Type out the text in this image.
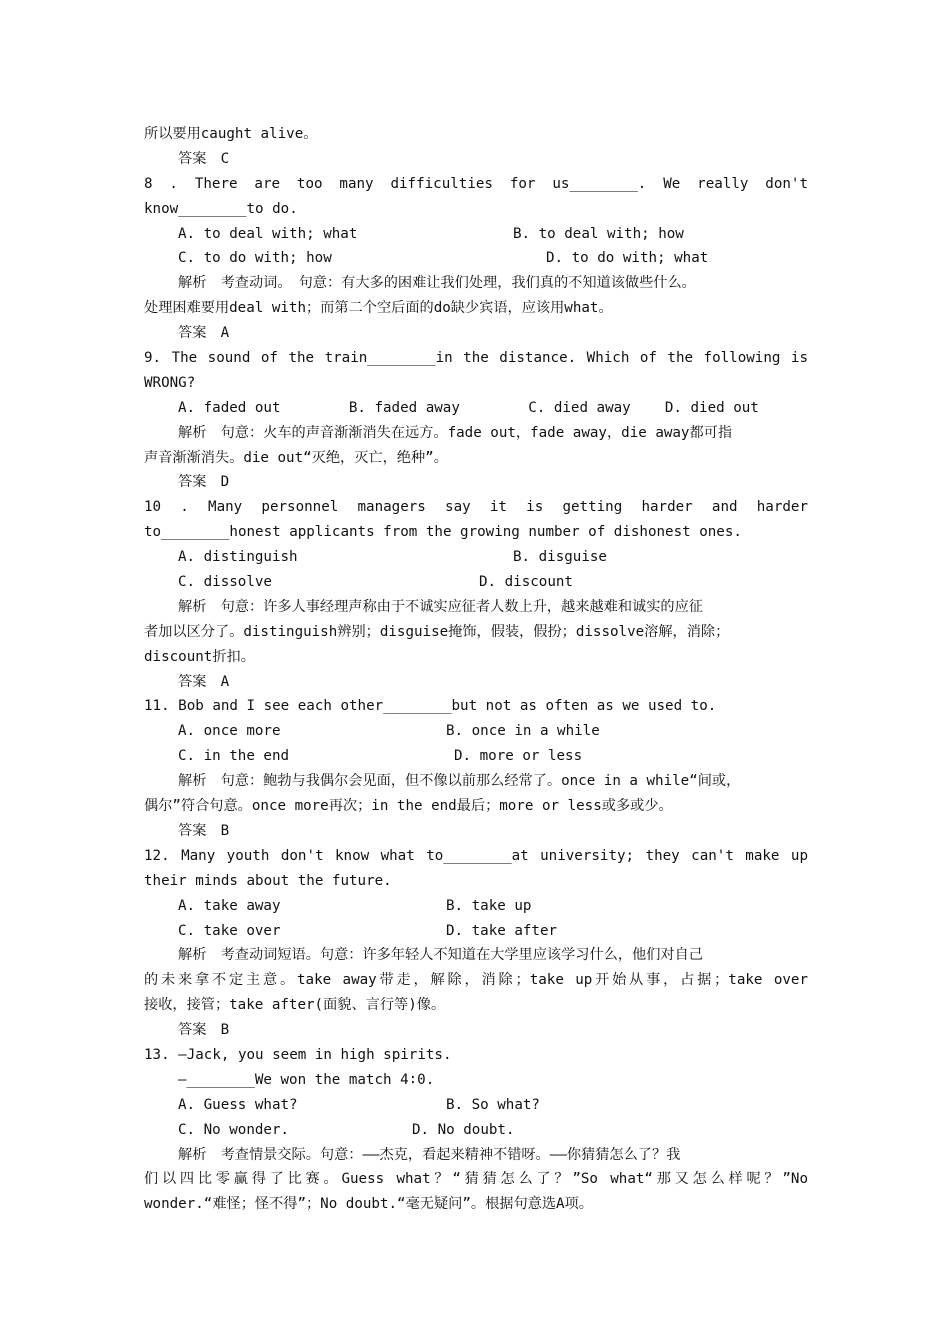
所以要用caught alive。
答案　C
8 . There are too many difficulties for us________. We really don't
know________to do.
A. to deal with; what	B. to deal with; how
C. to do with; how	D. to do with; what
解析　考查动词。　句意：有大多的困难让我们处理，我们真的不知道该做些什么。
处理困难要用deal with；而第二个空后面的do缺少宾语，应该用what。
答案　A
9. The sound of the train________in the distance. Which of the following is
WRONG?
A. faded out        B. faded away        C. died away    D. died out
解析　句意：火车的声音渐渐消失在远方。fade out，fade away，die away都可指
声音渐渐消失。die out“灭绝，灭亡，绝种”。
答案　D
10 . Many personnel managers say it is getting harder and harder
to________honest applicants from the growing number of dishonest ones.
A. distinguish	B. disguise
C. dissolve	D. discount
解析　句意：许多人事经理声称由于不诚实应征者人数上升，越来越难和诚实的应征
者加以区分了。distinguish辨别；disguise掩饰，假装，假扮；dissolve溶解，消除；
discount折扣。
答案　A
11. Bob and I see each other________but not as often as we used to.
A. once more	B. once in a while
C. in the end	D. more or less
解析　句意：鲍勃与我偶尔会见面，但不像以前那么经常了。once in a while“间或，
偶尔”符合句意。once more再次；in the end最后；more or less或多或少。
答案　B
12. Many youth don't know what to________at university; they can't make up
their minds about the future.
A. take away	B. take up
C. take over	D. take after
解析　考查动词短语。句意：许多年轻人不知道在大学里应该学习什么，他们对自己
的未来拿不定主意。take away带走，解除，消除；take up开始从事，占据；take over
接收，接管；take after(面貌、言行等)像。
答案　B
13. —Jack, you seem in high spirits.
—________We won the match 4∶0.
A. Guess what?	B. So what?
C. No wonder.	D. No doubt.
解析　考查情景交际。句意：——杰克，看起来精神不错呀。——你猜猜怎么了？我
们以四比零赢得了比赛。Guess what？“猜猜怎么了？”So what“那又怎么样呢？”No
wonder.“难怪；怪不得”；No doubt.“毫无疑问”。根据句意选A项。
